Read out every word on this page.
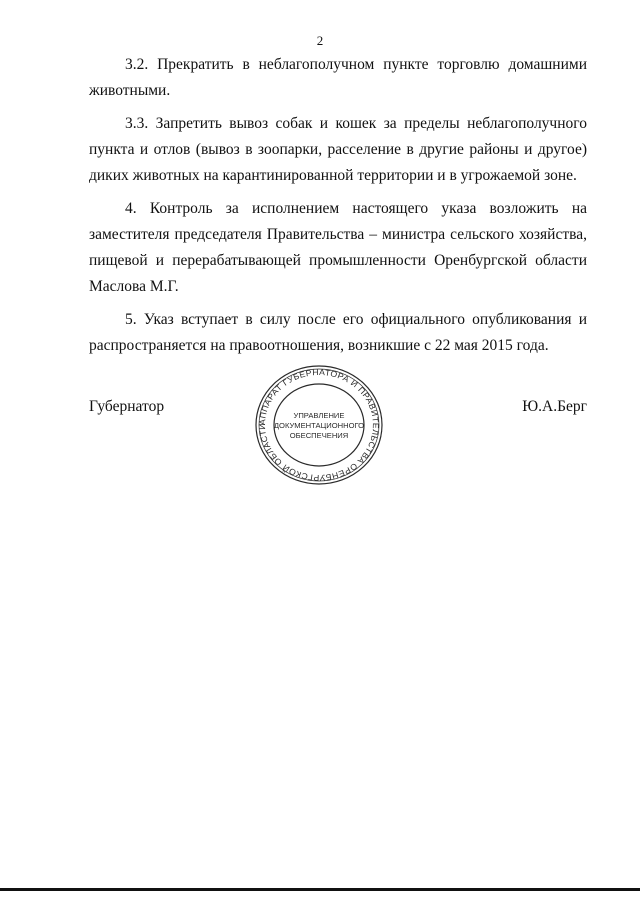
2

3.2. Прекратить в неблагополучном пункте торговлю домашними животными.

3.3. Запретить вывоз собак и кошек за пределы неблагополучного пункта и отлов (вывоз в зоопарки, расселение в другие районы и другое) диких животных на карантинированной территории и в угрожаемой зоне.

4. Контроль за исполнением настоящего указа возложить на заместителя председателя Правительства – министра сельского хозяйства, пищевой и перерабатывающей промышленности Оренбургской области Маслова М.Г.

5. Указ вступает в силу после его официального опубликования и распространяется на правоотношения, возникшие с 22 мая 2015 года.

Губернатор	Ю.А.Берг
АППАРАТ ГУБЕРНАТОРА И ПРАВИТЕЛЬСТВА ОРЕНБУРГСКОЙ ОБЛАСТИ
УПРАВЛЕНИЕ
ДОКУМЕНТАЦИОННОГО
ОБЕСПЕЧЕНИЯ
